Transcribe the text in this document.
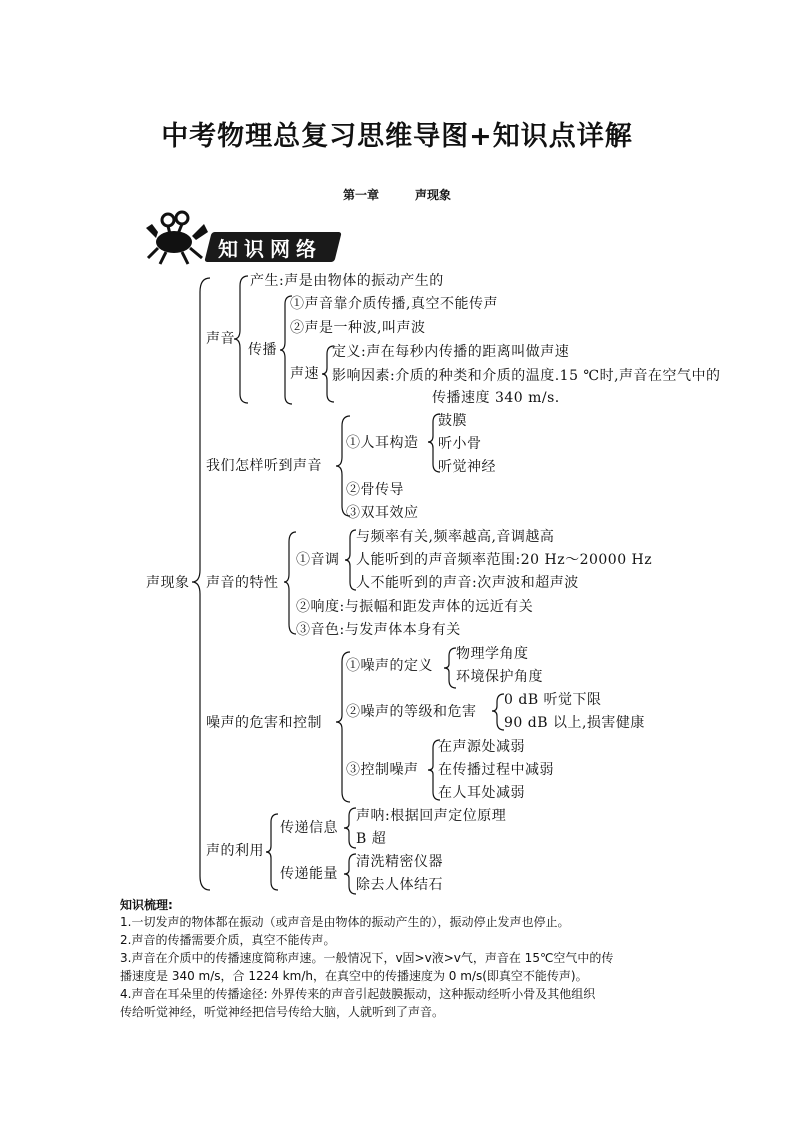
中考物理总复习思维导图+知识点详解
第一章	声现象
知识网络
声现象
声音
产生:声是由物体的振动产生的
传播
①声音靠介质传播,真空不能传声
②声是一种波,叫声波
声速
定义:声在每秒内传播的距离叫做声速
影响因素:介质的种类和介质的温度.15 ℃时,声音在空气中的
传播速度 340 m/s.
我们怎样听到声音
①人耳构造
鼓膜
听小骨
听觉神经
②骨传导
③双耳效应
声音的特性
①音调
与频率有关,频率越高,音调越高
人能听到的声音频率范围:20 Hz～20000 Hz
人不能听到的声音:次声波和超声波
②响度:与振幅和距发声体的远近有关
③音色:与发声体本身有关
噪声的危害和控制
①噪声的定义
物理学角度
环境保护角度
②噪声的等级和危害
0 dB 听觉下限
90 dB 以上,损害健康
③控制噪声
在声源处减弱
在传播过程中减弱
在人耳处减弱
声的利用
传递信息
声呐:根据回声定位原理
B 超
传递能量
清洗精密仪器
除去人体结石
知识梳理:
1.一切发声的物体都在振动（或声音是由物体的振动产生的），振动停止发声也停止。
2.声音的传播需要介质，真空不能传声。
3.声音在介质中的传播速度简称声速。一般情况下，v固>v液>v气，声音在 15℃空气中的传
播速度是 340 m/s，合 1224 km/h，在真空中的传播速度为 0 m/s(即真空不能传声)。
4.声音在耳朵里的传播途径: 外界传来的声音引起鼓膜振动，这种振动经听小骨及其他组织
传给听觉神经，听觉神经把信号传给大脑，人就听到了声音。
